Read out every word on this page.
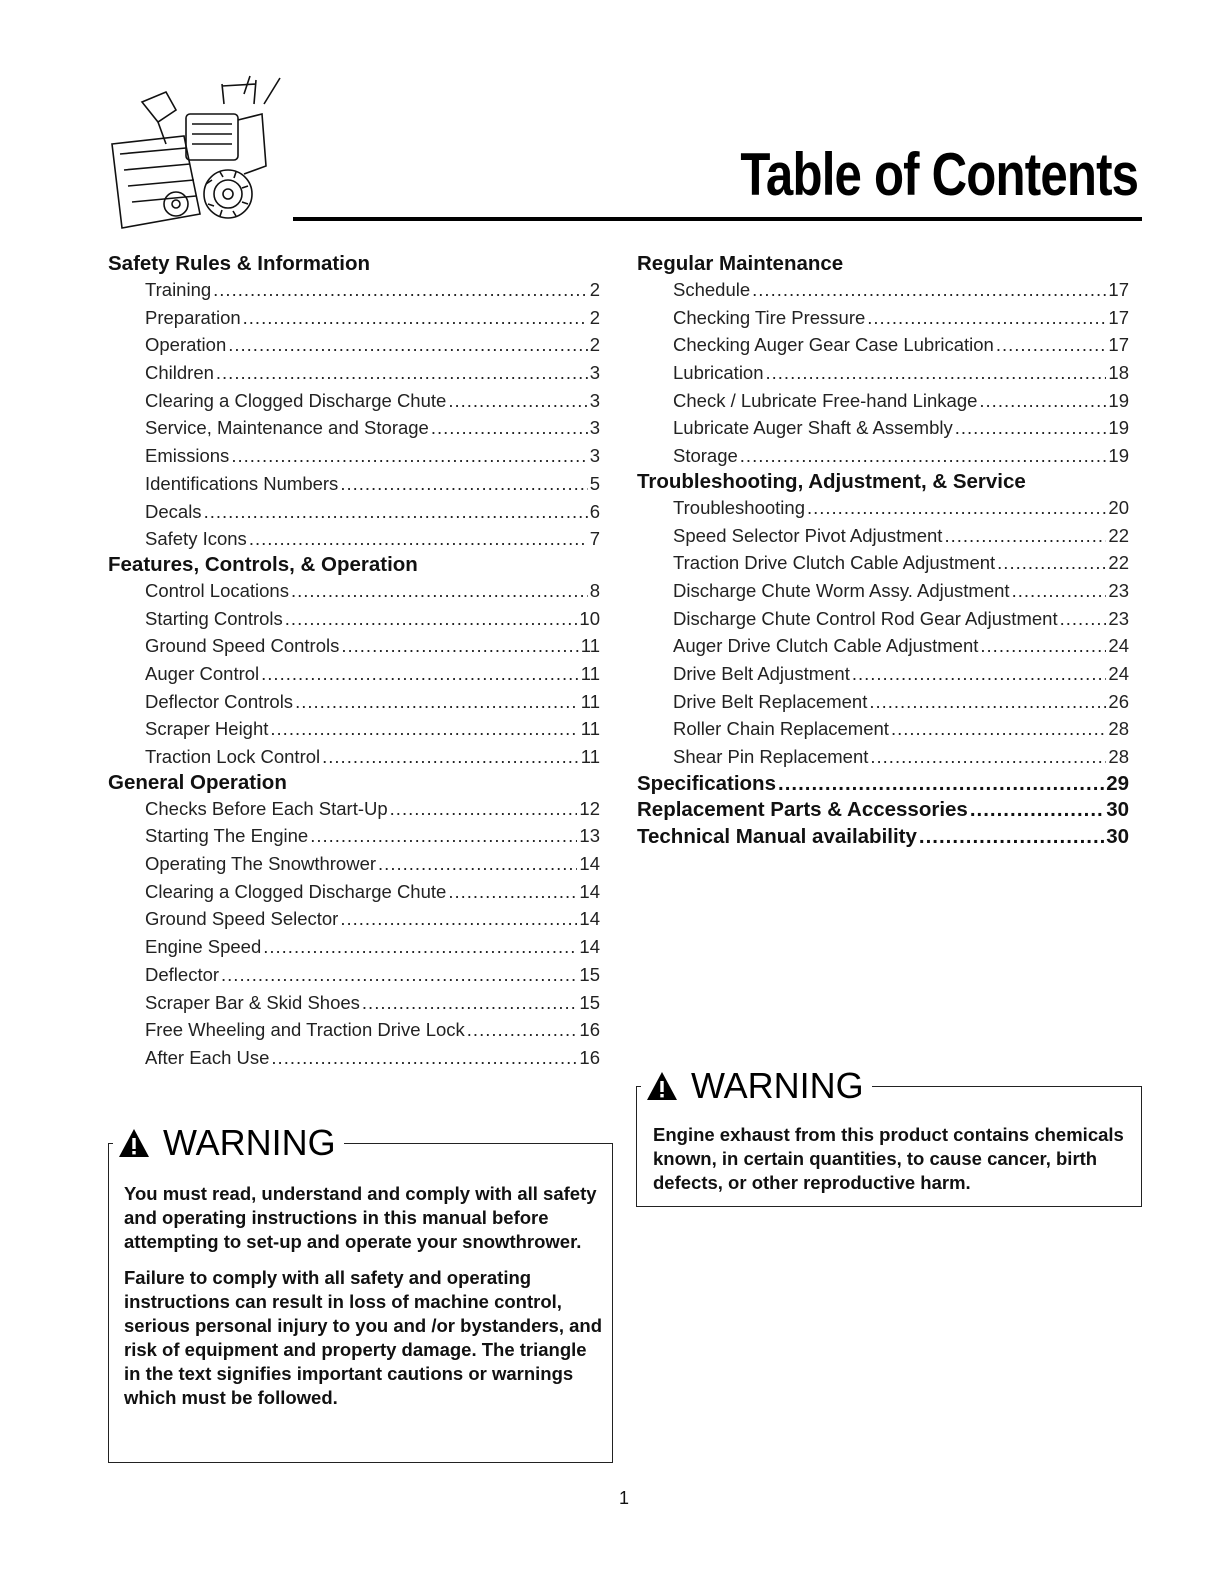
Table of Contents
Safety Rules & Information
Training .....	2
Preparation .....	2
Operation .....	2
Children .....	3
Clearing a Clogged Discharge Chute .....	3
Service, Maintenance and Storage .....	3
Emissions .....	3
Identifications Numbers .....	5
Decals .....	6
Safety Icons .....	7
Features, Controls, & Operation
Control Locations .....	8
Starting Controls .....	10
Ground Speed Controls .....	11
Auger Control .....	11
Deflector Controls .....	11
Scraper Height .....	11
Traction Lock Control .....	11
General Operation
Checks Before Each Start-Up .....	12
Starting The Engine .....	13
Operating The Snowthrower .....	14
Clearing a Clogged Discharge Chute .....	14
Ground Speed Selector .....	14
Engine Speed .....	14
Deflector .....	15
Scraper Bar & Skid Shoes .....	15
Free Wheeling and Traction Drive Lock .....	16
After Each Use .....	16
Regular Maintenance
Schedule .....	17
Checking Tire Pressure .....	17
Checking Auger Gear Case Lubrication .....	17
Lubrication .....	18
Check / Lubricate Free-hand Linkage .....	19
Lubricate Auger Shaft & Assembly .....	19
Storage .....	19
Troubleshooting, Adjustment, & Service
Troubleshooting .....	20
Speed Selector Pivot Adjustment .....	22
Traction Drive Clutch Cable Adjustment .....	22
Discharge Chute Worm Assy. Adjustment .....	23
Discharge Chute Control Rod Gear Adjustment .....	23
Auger Drive Clutch Cable Adjustment .....	24
Drive Belt Adjustment .....	24
Drive Belt Replacement .....	26
Roller Chain Replacement .....	28
Shear Pin Replacement .....	28
Specifications .....	29
Replacement Parts & Accessories .....	30
Technical Manual availability .....	30
WARNING

You must read, understand and comply with all safety and operating instructions in this manual before attempting to set-up and operate your snowthrower.

Failure to comply with all safety and operating instructions can result in loss of machine control, serious personal injury to you and /or bystanders, and risk of equipment and property damage. The triangle in the text signifies important cautions or warnings which must be followed.

WARNING

Engine exhaust from this product contains chemicals known, in certain quantities, to cause cancer, birth defects, or other reproductive harm.

1
